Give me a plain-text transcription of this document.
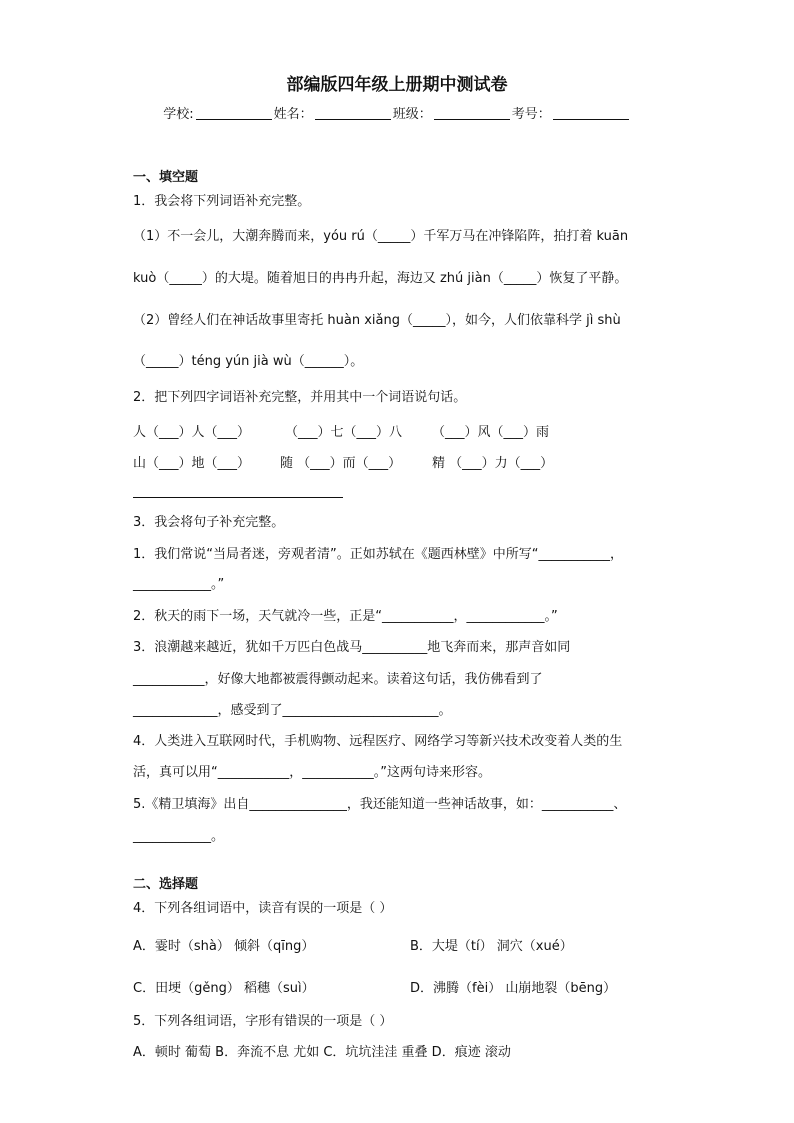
部编版四年级上册期中测试卷
学校:	姓名：	班级：	考号：
一、填空题
1．我会将下列词语补充完整。
（1）不一会儿，大潮奔腾而来，yóu rú（_____）千军万马在冲锋陷阵，拍打着 kuān
kuò（_____）的大堤。随着旭日的冉冉升起，海边又 zhú jiàn（_____）恢复了平静。
（2）曾经人们在神话故事里寄托 huàn xiǎng（_____），如今，人们依靠科学 jì shù
（_____）téng yún jià wù（______）。
2．把下列四字词语补充完整，并用其中一个词语说句话。
人（___）人（___）	（___）七（___）八 （___）风（___）雨
山（___）地（___） 随 （___）而（___） 精 （___）力（___）
3．我会将句子补充完整。
1．我们常说“当局者迷，旁观者清”。正如苏轼在《题西林壁》中所写“___________，
____________。”
2．秋天的雨下一场，天气就冷一些，正是“___________，____________。”
3．浪潮越来越近，犹如千万匹白色战马__________地飞奔而来，那声音如同
___________，好像大地都被震得颤动起来。读着这句话，我仿佛看到了
_____________，感受到了________________________。
4．人类进入互联网时代，手机购物、远程医疗、网络学习等新兴技术改变着人类的生
活，真可以用“___________，___________。”这两句诗来形容。
5.《精卫填海》出自_______________，我还能知道一些神话故事，如：___________、
____________。
二、选择题
4．下列各组词语中，读音有误的一项是（ ）
A．霎时（shà） 倾斜（qīng）	B．大堤（tí） 洞穴（xué）
C．田埂（gěng） 稻穗（suì）	D．沸腾（fèi） 山崩地裂（bēng）
5．下列各组词语，字形有错误的一项是（ ）
A．顿时 葡萄 B．奔流不息 尤如 C．坑坑洼洼 重叠 D．痕迹 滚动
